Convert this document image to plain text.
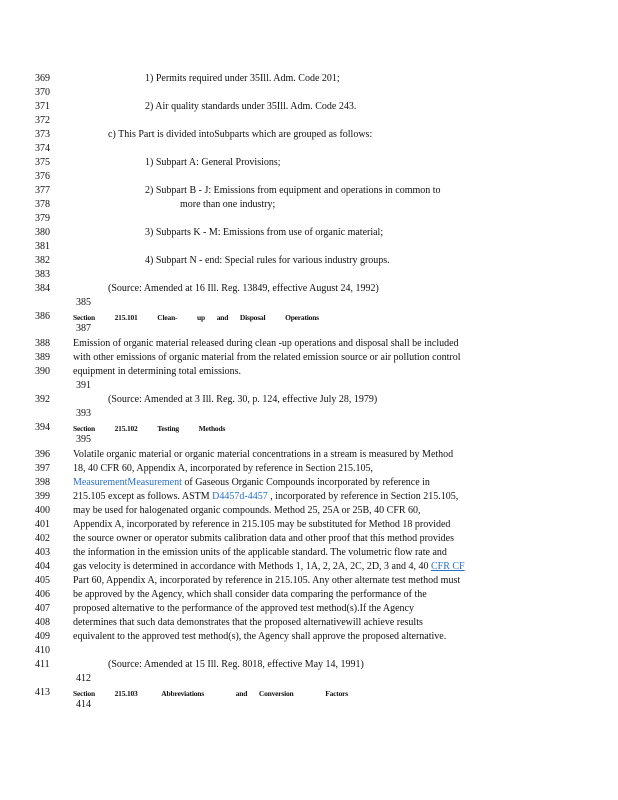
369	1) Permits required under 35Ill. Adm. Code 201;
370
371	2) Air quality standards under 35Ill. Adm. Code 243.
372
373	c) This Part is divided intoSubparts which are grouped as follows:
374
375	1) Subpart A: General Provisions;
376
377	2) Subpart B - J: Emissions from equipment and operations in common to
378	more than one industry;
379
380	3) Subparts K - M: Emissions from use of organic material;
381
382	4) Subpart N - end: Special rules for various industry groups.
383
384	(Source: Amended at 16 Ill. Reg. 13849, effective August 24, 1992)
385
386	Section	215.101	Clean-	up and Disposal	Operations
387
388	Emission of organic material released during clean -up operations and disposal shall be included
389	with other emissions of organic material from the related emission source or air pollution control
390	equipment in determining total emissions.
391
392	(Source: Amended at 3 Ill. Reg. 30, p. 124, effective July 28, 1979)
393
394	Section	215.102	Testing	Methods
395
396	Volatile organic material or organic material concentrations in a stream is measured by Method
397	18, 40 CFR 60, Appendix A, incorporated by reference in Section 215.105,
398	MeasurementMeasurement of Gaseous Organic Compounds incorporated by reference in
399	215.105 except as follows. ASTM D4457d-4457 , incorporated by reference in Section 215.105,
400	may be used for halogenated organic compounds. Method 25, 25A or 25B, 40 CFR 60,
401	Appendix A, incorporated by reference in 215.105 may be substituted for Method 18 provided
402	the source owner or operator submits calibration data and other proof that this method provides
403	the information in the emission units of the applicable standard. The volumetric flow rate and
404	gas velocity is determined in accordance with Methods 1, 1A, 2, 2A, 2C, 2D, 3 and 4, 40 CFR CF
405	Part 60, Appendix A, incorporated by reference in 215.105. Any other alternate test method must
406	be approved by the Agency, which shall consider data comparing the performance of the
407	proposed alternative to the performance of the approved test method(s).If the Agency
408	determines that such data demonstrates that the proposed alternativewill achieve results
409	equivalent to the approved test method(s), the Agency shall approve the proposed alternative.
410
411	(Source: Amended at 15 Ill. Reg. 8018, effective May 14, 1991)
412
413	Section	215.103	Abbreviations	and Conversion	Factors
414
